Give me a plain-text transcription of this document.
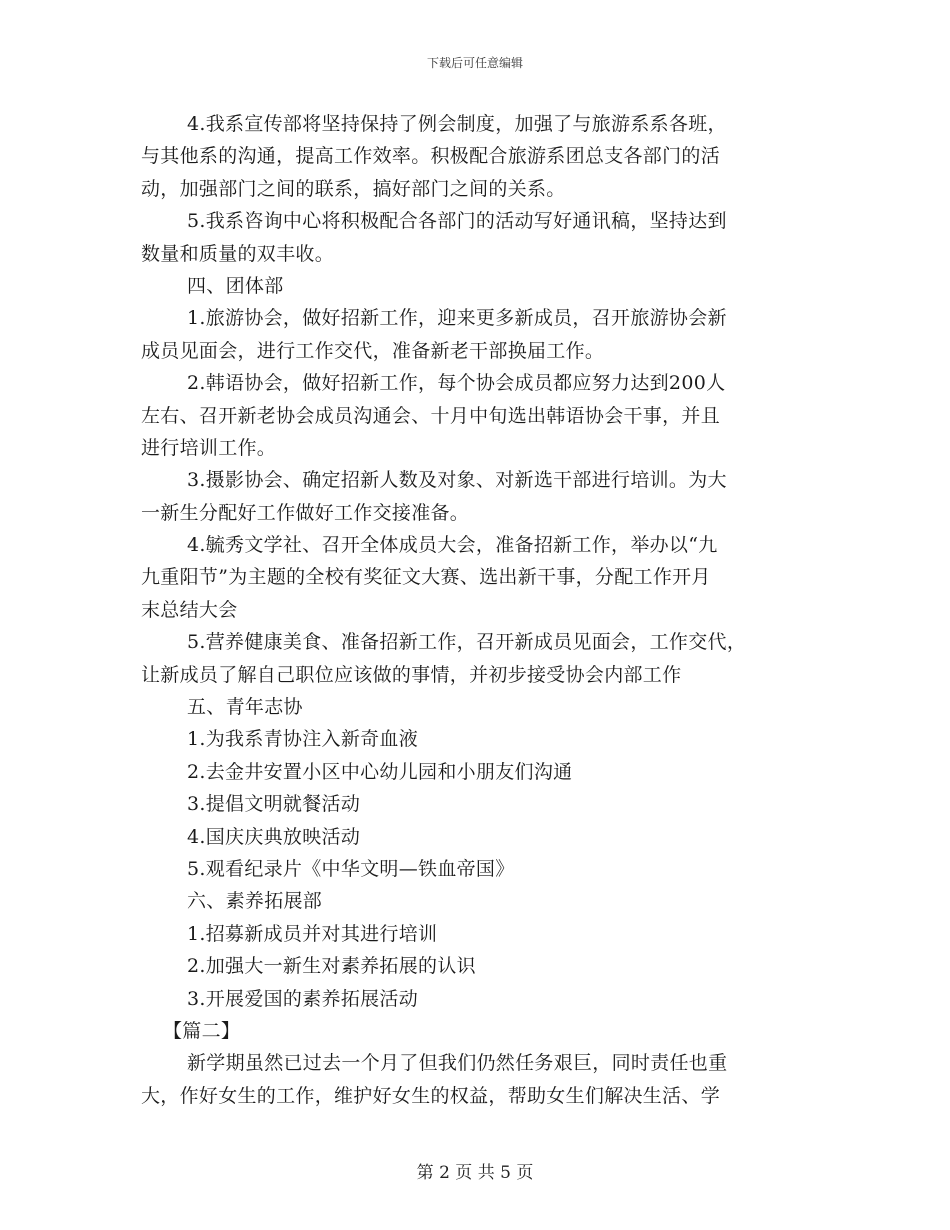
下载后可任意编辑
4.我系宣传部将坚持保持了例会制度，加强了与旅游系系各班，
与其他系的沟通，提高工作效率。积极配合旅游系团总支各部门的活
动，加强部门之间的联系，搞好部门之间的关系。
5.我系咨询中心将积极配合各部门的活动写好通讯稿，坚持达到
数量和质量的双丰收。
四、团体部
1.旅游协会，做好招新工作，迎来更多新成员，召开旅游协会新
成员见面会，进行工作交代，准备新老干部换届工作。
2.韩语协会，做好招新工作，每个协会成员都应努力达到200人
左右、召开新老协会成员沟通会、十月中旬选出韩语协会干事，并且
进行培训工作。
3.摄影协会、确定招新人数及对象、对新选干部进行培训。为大
一新生分配好工作做好工作交接准备。
4.毓秀文学社、召开全体成员大会，准备招新工作，举办以“九
九重阳节”为主题的全校有奖征文大赛、选出新干事，分配工作开月
末总结大会
5.营养健康美食、准备招新工作，召开新成员见面会，工作交代，
让新成员了解自己职位应该做的事情，并初步接受协会内部工作
五、青年志协
1.为我系青协注入新奇血液
2.去金井安置小区中心幼儿园和小朋友们沟通
3.提倡文明就餐活动
4.国庆庆典放映活动
5.观看纪录片《中华文明—铁血帝国》
六、素养拓展部
1.招募新成员并对其进行培训
2.加强大一新生对素养拓展的认识
3.开展爱国的素养拓展活动
【篇二】
新学期虽然已过去一个月了但我们仍然任务艰巨，同时责任也重
大，作好女生的工作，维护好女生的权益，帮助女生们解决生活、学
第 2 页 共 5 页
